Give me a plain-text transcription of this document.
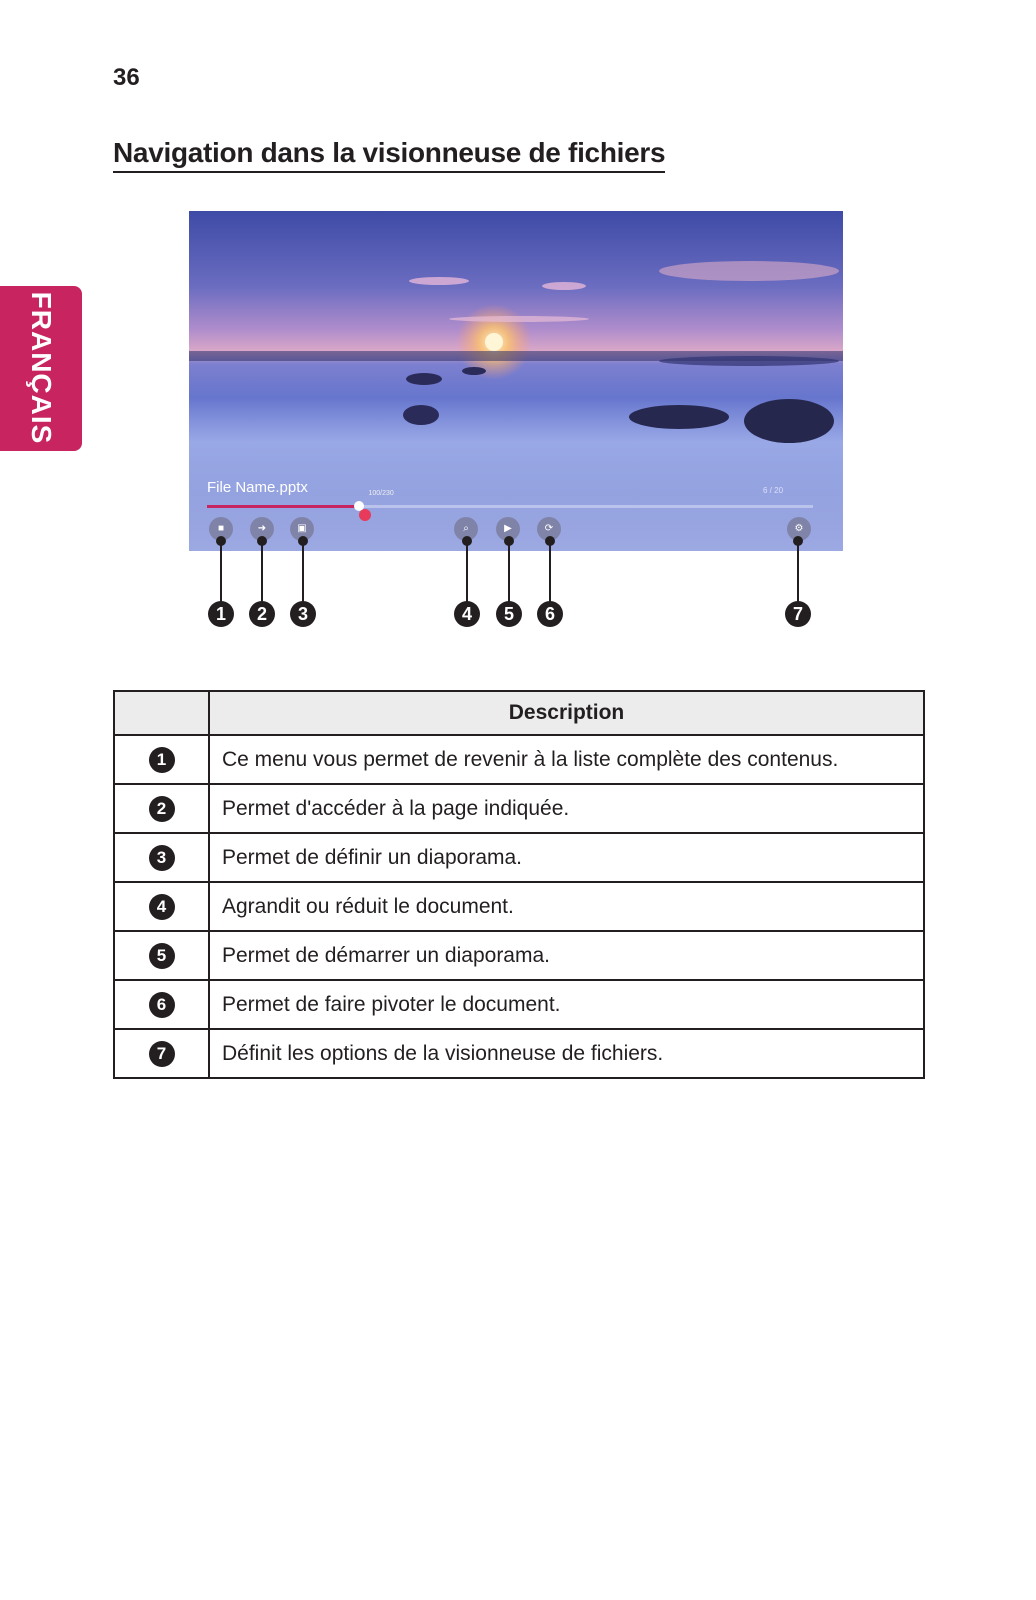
36
Navigation dans la visionneuse de fichiers
FRANÇAIS
File Name.pptx	6 / 20
100/230
■	➜	▣	⌕	▶	⟳	⚙
1 2 3	4 5 6	7
	Description
1	Ce menu vous permet de revenir à la liste complète des contenus.
2	Permet d'accéder à la page indiquée.
3	Permet de définir un diaporama.
4	Agrandit ou réduit le document.
5	Permet de démarrer un diaporama.
6	Permet de faire pivoter le document.
7	Définit les options de la visionneuse de fichiers.
